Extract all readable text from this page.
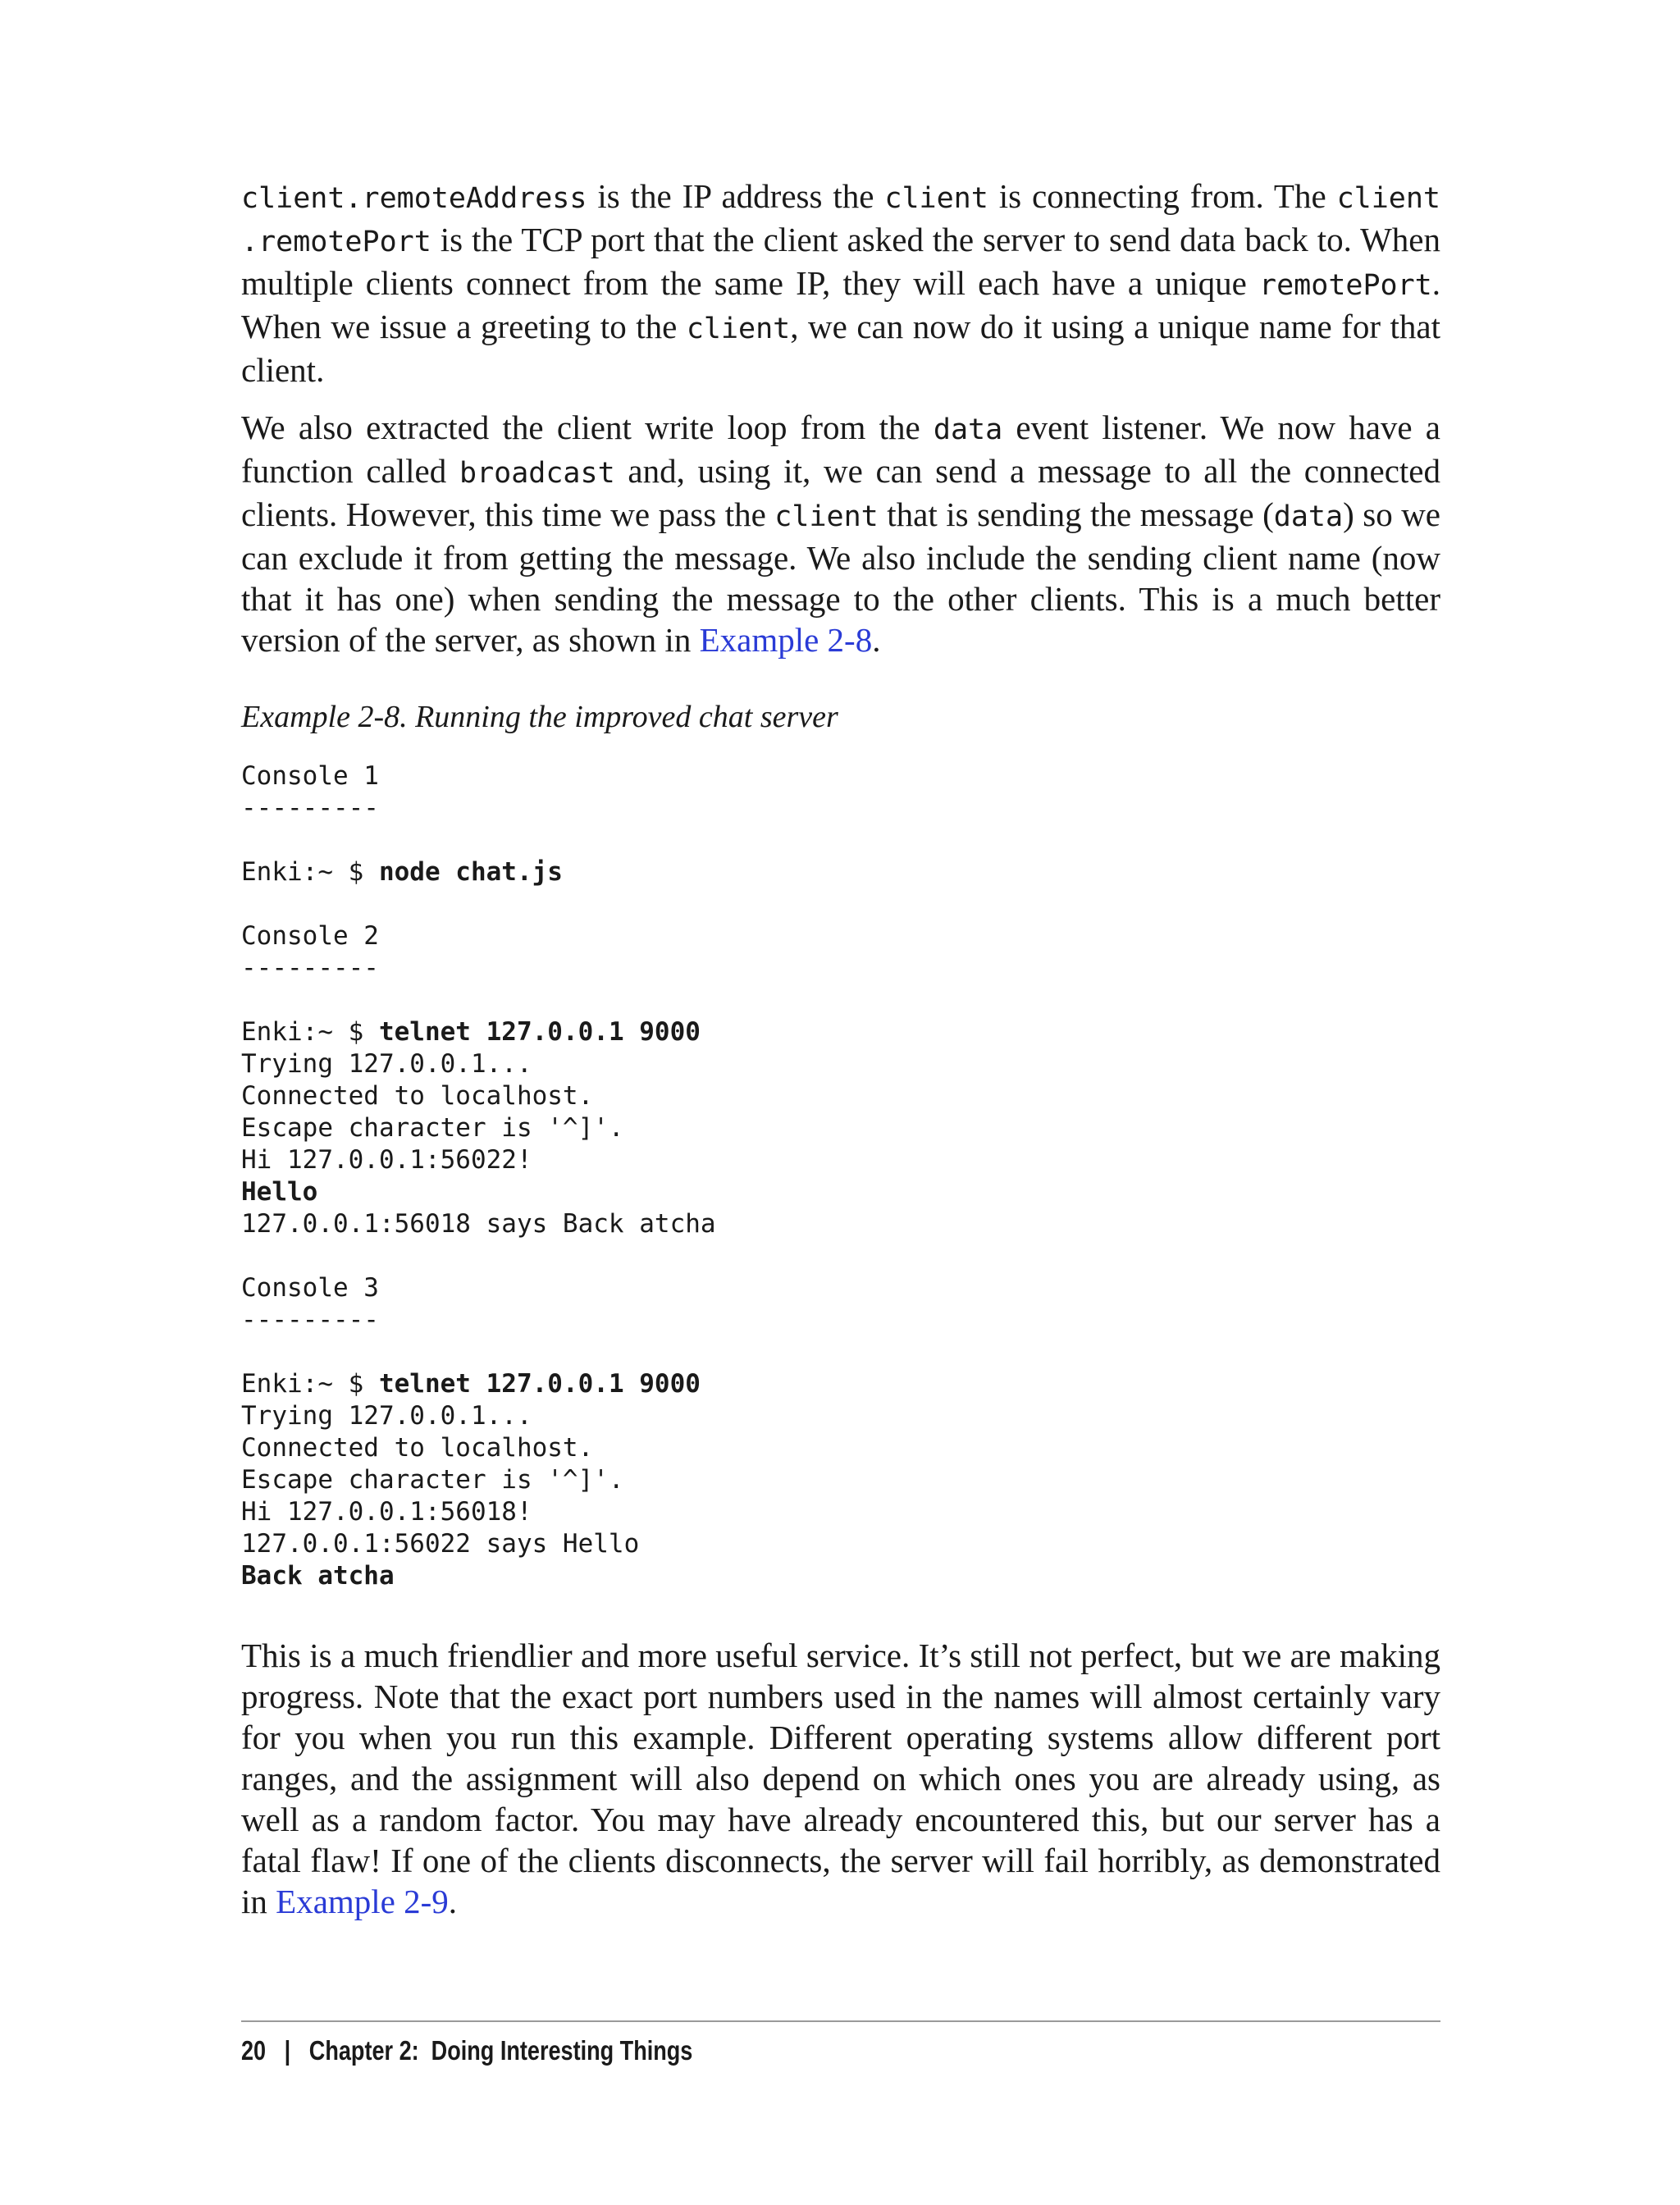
client.remoteAddress is the IP address the client is connecting from. The client .remotePort is the TCP port that the client asked the server to send data back to. When multiple clients connect from the same IP, they will each have a unique remotePort. When we issue a greeting to the client, we can now do it using a unique name for that client.

We also extracted the client write loop from the data event listener. We now have a function called broadcast and, using it, we can send a message to all the connected clients. However, this time we pass the client that is sending the message (data) so we can exclude it from getting the message. We also include the sending client name (now that it has one) when sending the message to the other clients. This is a much better version of the server, as shown in Example 2-8.

Example 2-8. Running the improved chat server
Console 1
---------
Enki:~ $ node chat.js
Console 2
---------
Enki:~ $ telnet 127.0.0.1 9000
Trying 127.0.0.1...
Connected to localhost.
Escape character is '^]'.
Hi 127.0.0.1:56022!
Hello
127.0.0.1:56018 says Back atcha
Console 3
---------
Enki:~ $ telnet 127.0.0.1 9000
Trying 127.0.0.1...
Connected to localhost.
Escape character is '^]'.
Hi 127.0.0.1:56018!
127.0.0.1:56022 says Hello
Back atcha

This is a much friendlier and more useful service. It’s still not perfect, but we are making progress. Note that the exact port numbers used in the names will almost certainly vary for you when you run this example. Different operating systems allow different port ranges, and the assignment will also depend on which ones you are already using, as well as a random factor. You may have already encountered this, but our server has a fatal flaw! If one of the clients disconnects, the server will fail horribly, as demonstrated in Example 2-9.

20 | Chapter 2:  Doing Interesting Things
